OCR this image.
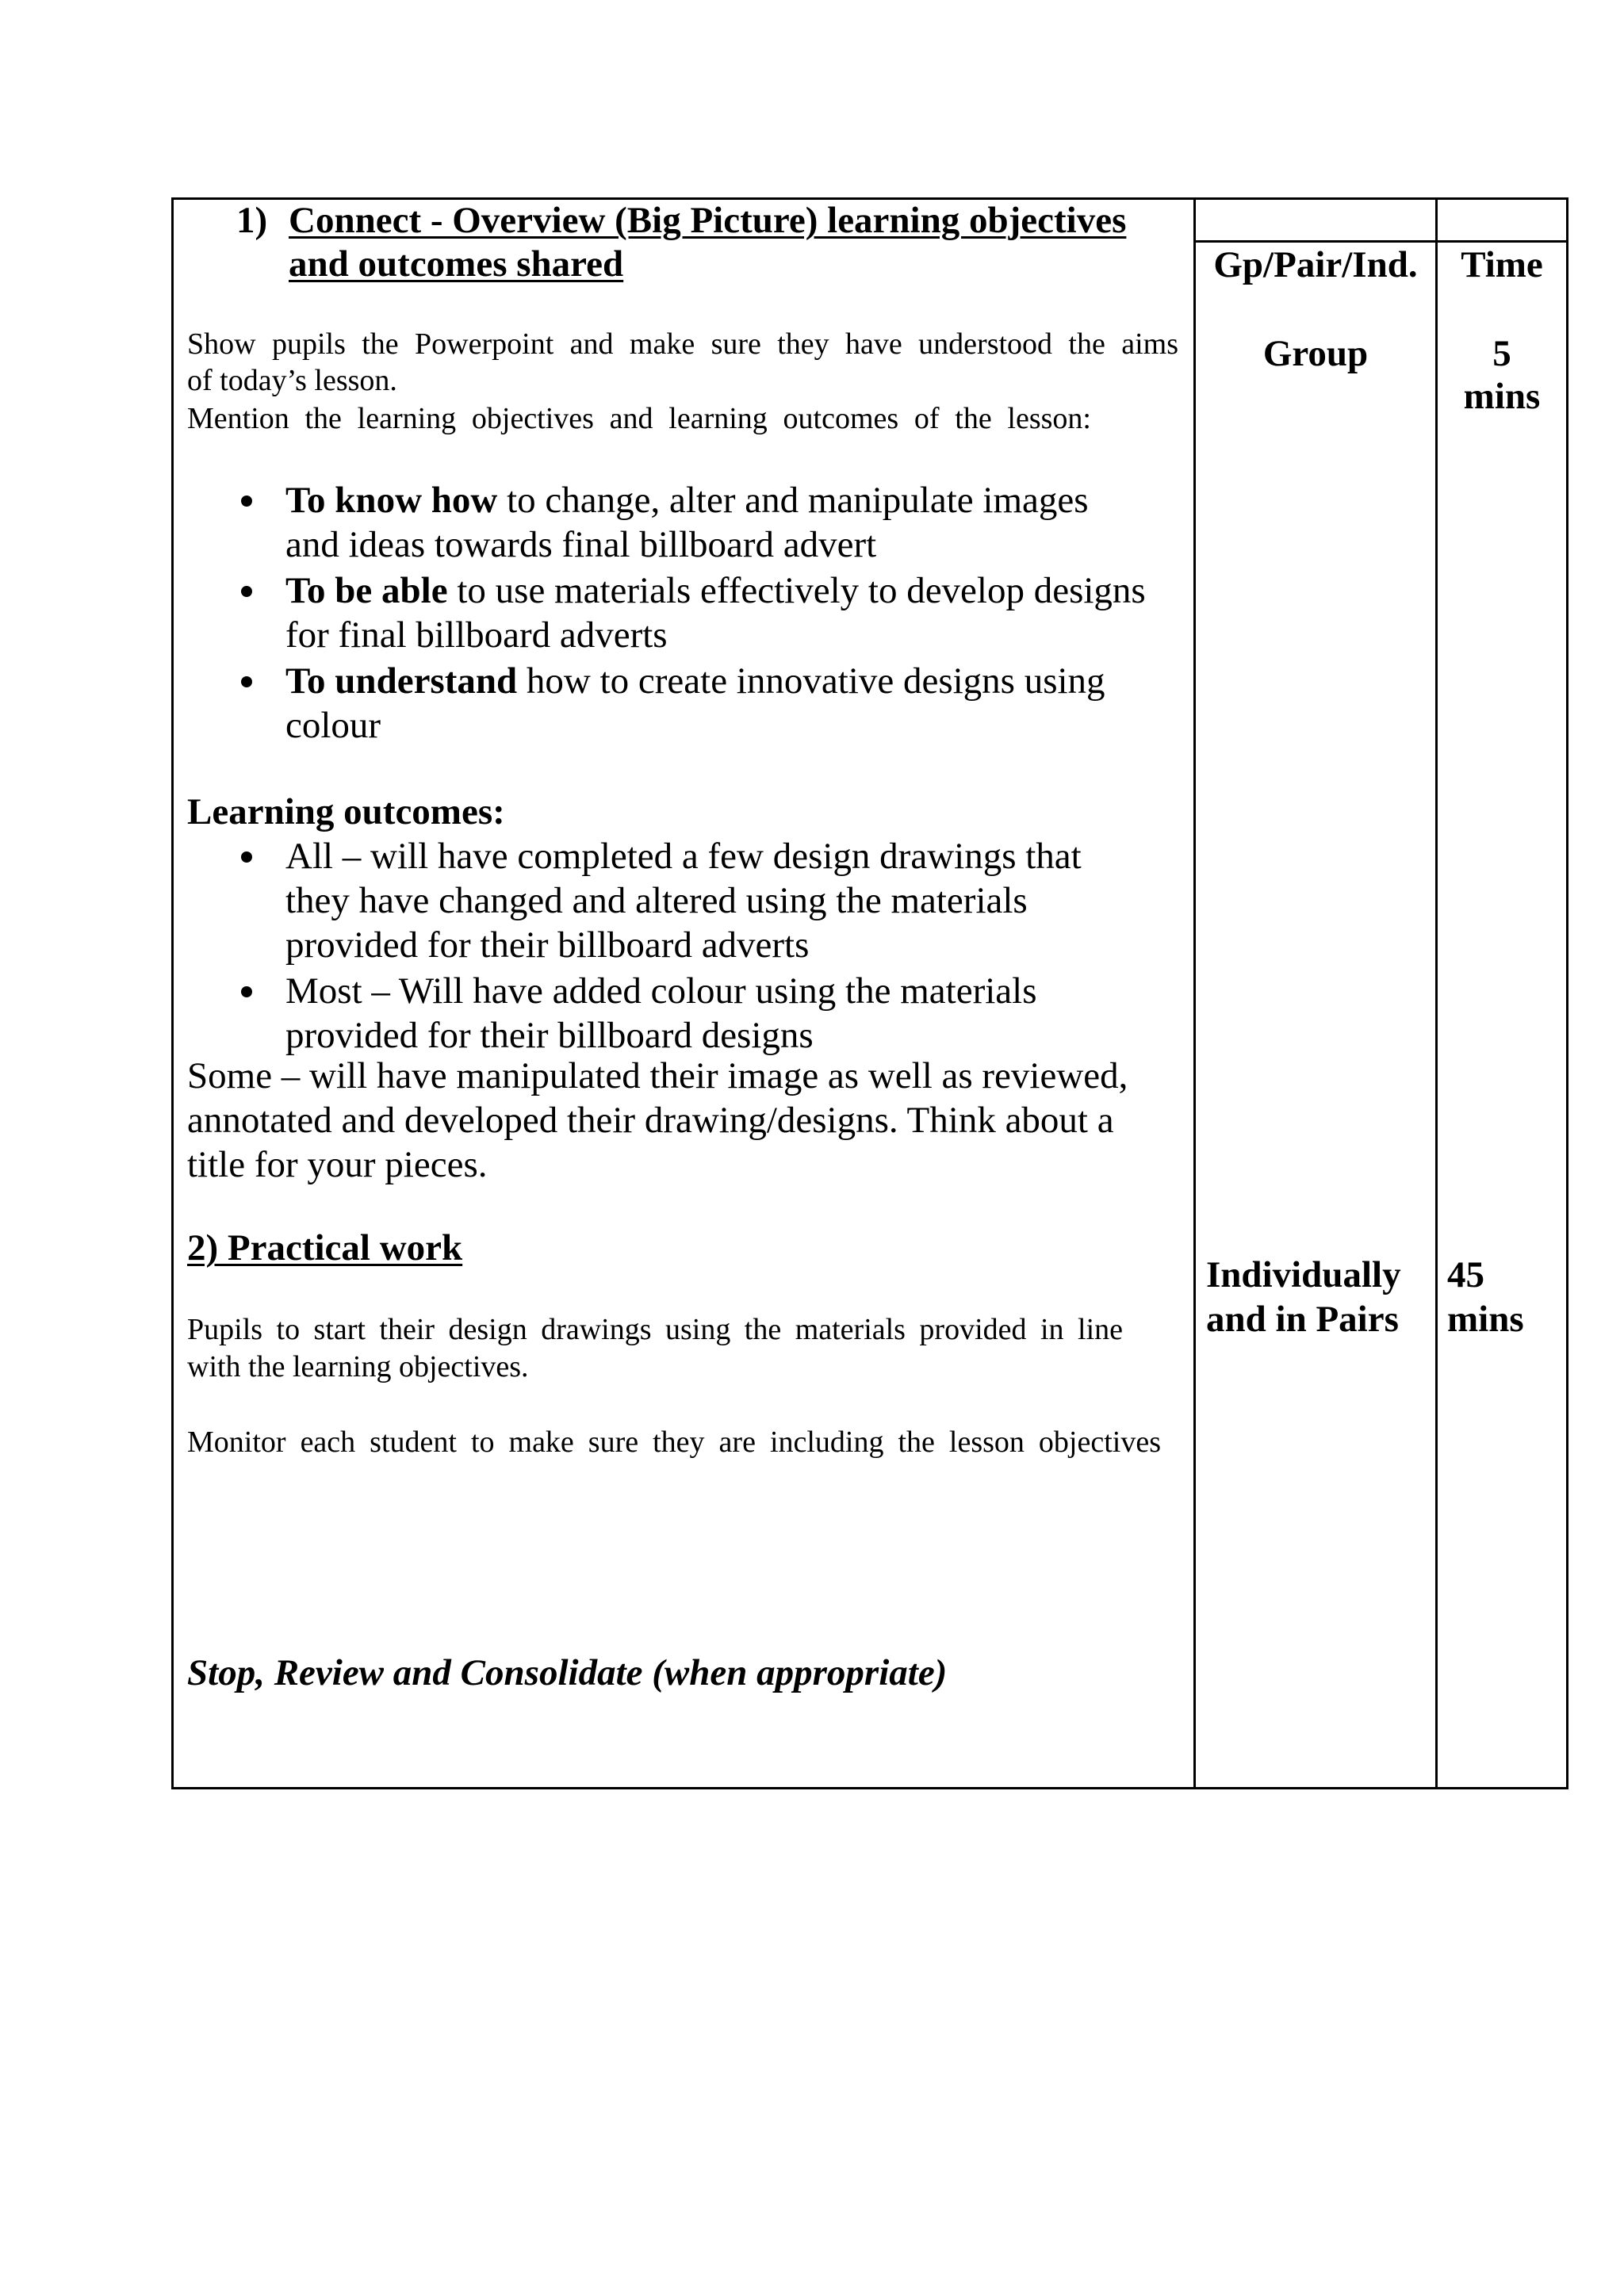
1) Connect - Overview (Big Picture) learning objectives
and outcomes shared
Show pupils the Powerpoint and make sure they have understood the aims
of today’s lesson.
Mention the learning objectives and learning outcomes of the lesson:
To know how to change, alter and manipulate images
and ideas towards final billboard advert
To be able to use materials effectively to develop designs
for final billboard adverts
To understand how to create innovative designs using
colour
Learning outcomes:
All – will have completed a few design drawings that
they have changed and altered using the materials
provided for their billboard adverts
Most – Will have added colour using the materials
provided for their billboard designs
Some – will have manipulated their image as well as reviewed,
annotated and developed their drawing/designs. Think about a
title for your pieces.
2) Practical work
Pupils to start their design drawings using the materials provided in line
with the learning objectives.
Monitor each student to make sure they are including the lesson objectives
Stop, Review and Consolidate (when appropriate)
Gp/Pair/Ind.
Group
Individually
and in Pairs
Time
5
mins
45
mins
